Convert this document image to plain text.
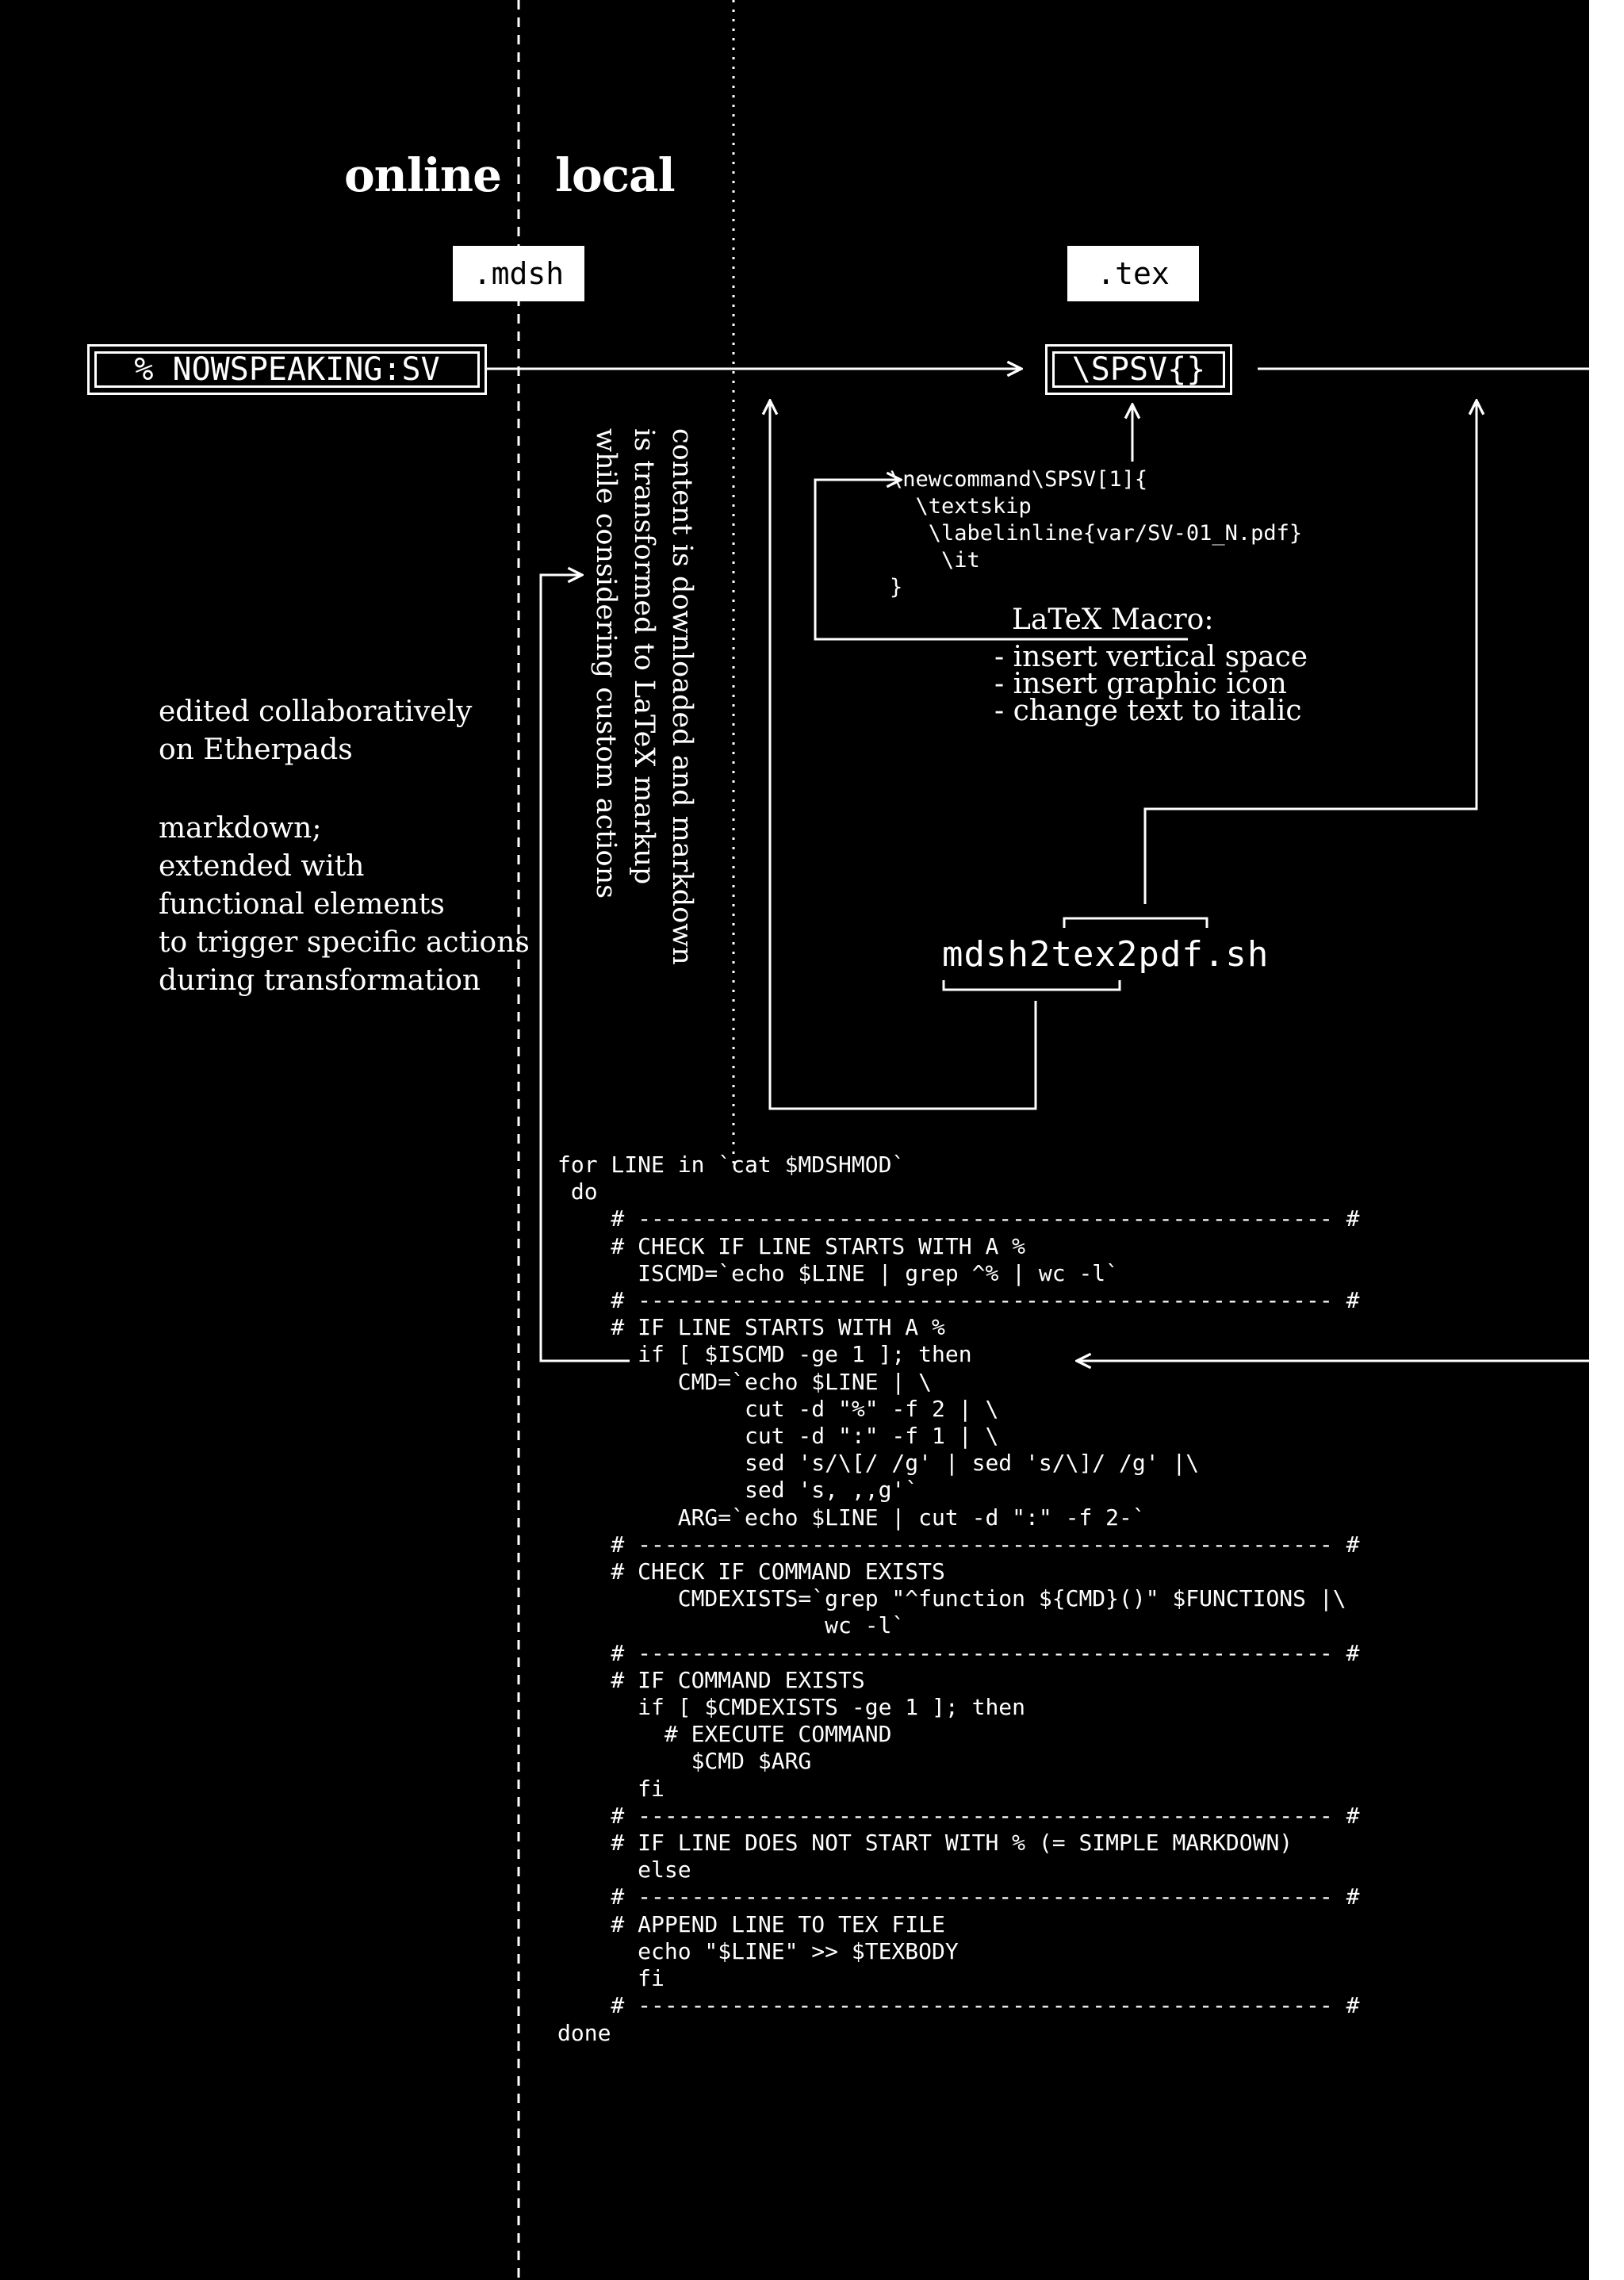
online local
.mdsh	.tex
% NOWSPEAKING:SV	\SPSV{}
\newcommand\SPSV[1]{
\textskip
\labelinline{var/SV-01_N.pdf}
\it
}
LaTeX Macro:
- insert vertical space
- insert graphic icon
- change text to italic
edited collaboratively
on Etherpads
markdown;
extended with
functional elements
to trigger specific actions
during transformation
content is downloaded and markdown
is transformed to LaTeX markup
while considering custom actions
mdsh2tex2pdf.sh
for LINE in `cat $MDSHMOD`
do
# ---------------------------------------------------- #
# CHECK IF LINE STARTS WITH A %
ISCMD=`echo $LINE | grep ^% | wc -l`
# ---------------------------------------------------- #
# IF LINE STARTS WITH A %
if [ $ISCMD -ge 1 ]; then
CMD=`echo $LINE | \
cut -d "%" -f 2 | \
cut -d ":" -f 1 | \
sed 's/\[/ /g' | sed 's/\]/ /g' |\
sed 's, ,,g'`
ARG=`echo $LINE | cut -d ":" -f 2-`
# ---------------------------------------------------- #
# CHECK IF COMMAND EXISTS
CMDEXISTS=`grep "^function ${CMD}()" $FUNCTIONS |\
wc -l`
# ---------------------------------------------------- #
# IF COMMAND EXISTS
if [ $CMDEXISTS -ge 1 ]; then
# EXECUTE COMMAND
$CMD $ARG
fi
# ---------------------------------------------------- #
# IF LINE DOES NOT START WITH % (= SIMPLE MARKDOWN)
else
# ---------------------------------------------------- #
# APPEND LINE TO TEX FILE
echo "$LINE" >> $TEXBODY
fi
# ---------------------------------------------------- #
done
